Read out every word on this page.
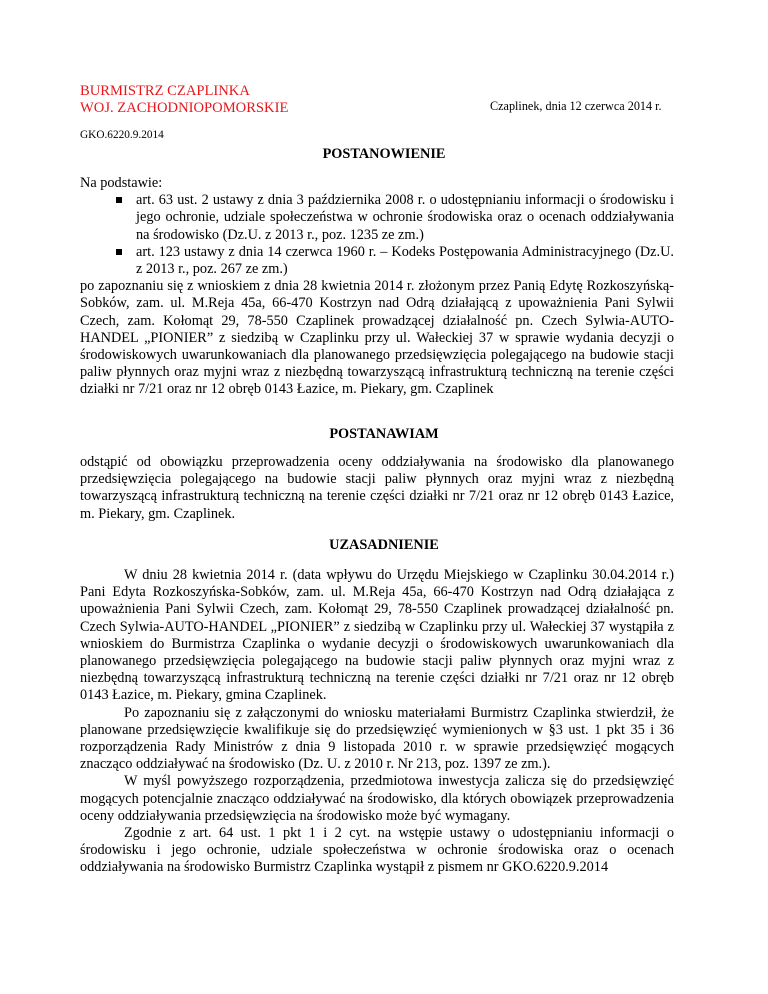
BURMISTRZ CZAPLINKA
WOJ. ZACHODNIOPOMORSKIE	Czaplinek, dnia 12 czerwca 2014 r.
GKO.6220.9.2014
POSTANOWIENIE

Na podstawie:

art. 63 ust. 2 ustawy z dnia 3 października 2008 r. o udostępnianiu informacji o środowisku i jego ochronie, udziale społeczeństwa w ochronie środowiska oraz o ocenach oddziaływania na środowisko (Dz.U. z 2013 r., poz. 1235 ze zm.)
art. 123 ustawy z dnia 14 czerwca 1960 r. – Kodeks Postępowania Administracyjnego (Dz.U. z 2013 r., poz. 267 ze zm.)

po zapoznaniu się z wnioskiem z dnia 28 kwietnia 2014 r. złożonym przez Panią Edytę Rozkoszyńską-Sobków, zam. ul. M.Reja 45a, 66-470 Kostrzyn nad Odrą działającą z upoważnienia Pani Sylwii Czech, zam. Kołomąt 29, 78-550 Czaplinek prowadzącej działalność pn. Czech Sylwia-AUTO-HANDEL „PIONIER” z siedzibą w Czaplinku przy ul. Wałeckiej 37 w sprawie wydania decyzji o środowiskowych uwarunkowaniach dla planowanego przedsięwzięcia polegającego na budowie stacji paliw płynnych oraz myjni wraz z niezbędną towarzyszącą infrastrukturą techniczną na terenie części działki nr 7/21 oraz nr 12 obręb 0143 Łazice, m. Piekary, gm. Czaplinek

POSTANAWIAM

odstąpić od obowiązku przeprowadzenia oceny oddziaływania na środowisko dla planowanego przedsięwzięcia polegającego na budowie stacji paliw płynnych oraz myjni wraz z niezbędną towarzyszącą infrastrukturą techniczną na terenie części działki nr 7/21 oraz nr 12 obręb 0143 Łazice, m. Piekary, gm. Czaplinek.

UZASADNIENIE

W dniu 28 kwietnia 2014 r. (data wpływu do Urzędu Miejskiego w Czaplinku 30.04.2014 r.) Pani Edyta Rozkoszyńska-Sobków, zam. ul. M.Reja 45a, 66-470 Kostrzyn nad Odrą działająca z upoważnienia Pani Sylwii Czech, zam. Kołomąt 29, 78-550 Czaplinek prowadzącej działalność pn. Czech Sylwia-AUTO-HANDEL „PIONIER” z siedzibą w Czaplinku przy ul. Wałeckiej 37 wystąpiła z wnioskiem do Burmistrza Czaplinka o wydanie decyzji o środowiskowych uwarunkowaniach dla planowanego przedsięwzięcia polegającego na budowie stacji paliw płynnych oraz myjni wraz z niezbędną towarzyszącą infrastrukturą techniczną na terenie części działki nr 7/21 oraz nr 12 obręb 0143 Łazice, m. Piekary, gmina Czaplinek.

Po zapoznaniu się z załączonymi do wniosku materiałami Burmistrz Czaplinka stwierdził, że planowane przedsięwzięcie kwalifikuje się do przedsięwzięć wymienionych w §3 ust. 1 pkt 35 i 36 rozporządzenia Rady Ministrów z dnia 9 listopada 2010 r. w sprawie przedsięwzięć mogących znacząco oddziaływać na środowisko (Dz. U. z 2010 r. Nr 213, poz. 1397 ze zm.).

W myśl powyższego rozporządzenia, przedmiotowa inwestycja zalicza się do przedsięwzięć mogących potencjalnie znacząco oddziaływać na środowisko, dla których obowiązek przeprowadzenia oceny oddziaływania przedsięwzięcia na środowisko może być wymagany.

Zgodnie z art. 64 ust. 1 pkt 1 i 2 cyt. na wstępie ustawy o udostępnianiu informacji o środowisku i jego ochronie, udziale społeczeństwa w ochronie środowiska oraz o ocenach oddziaływania na środowisko Burmistrz Czaplinka wystąpił z pismem nr GKO.6220.9.2014
